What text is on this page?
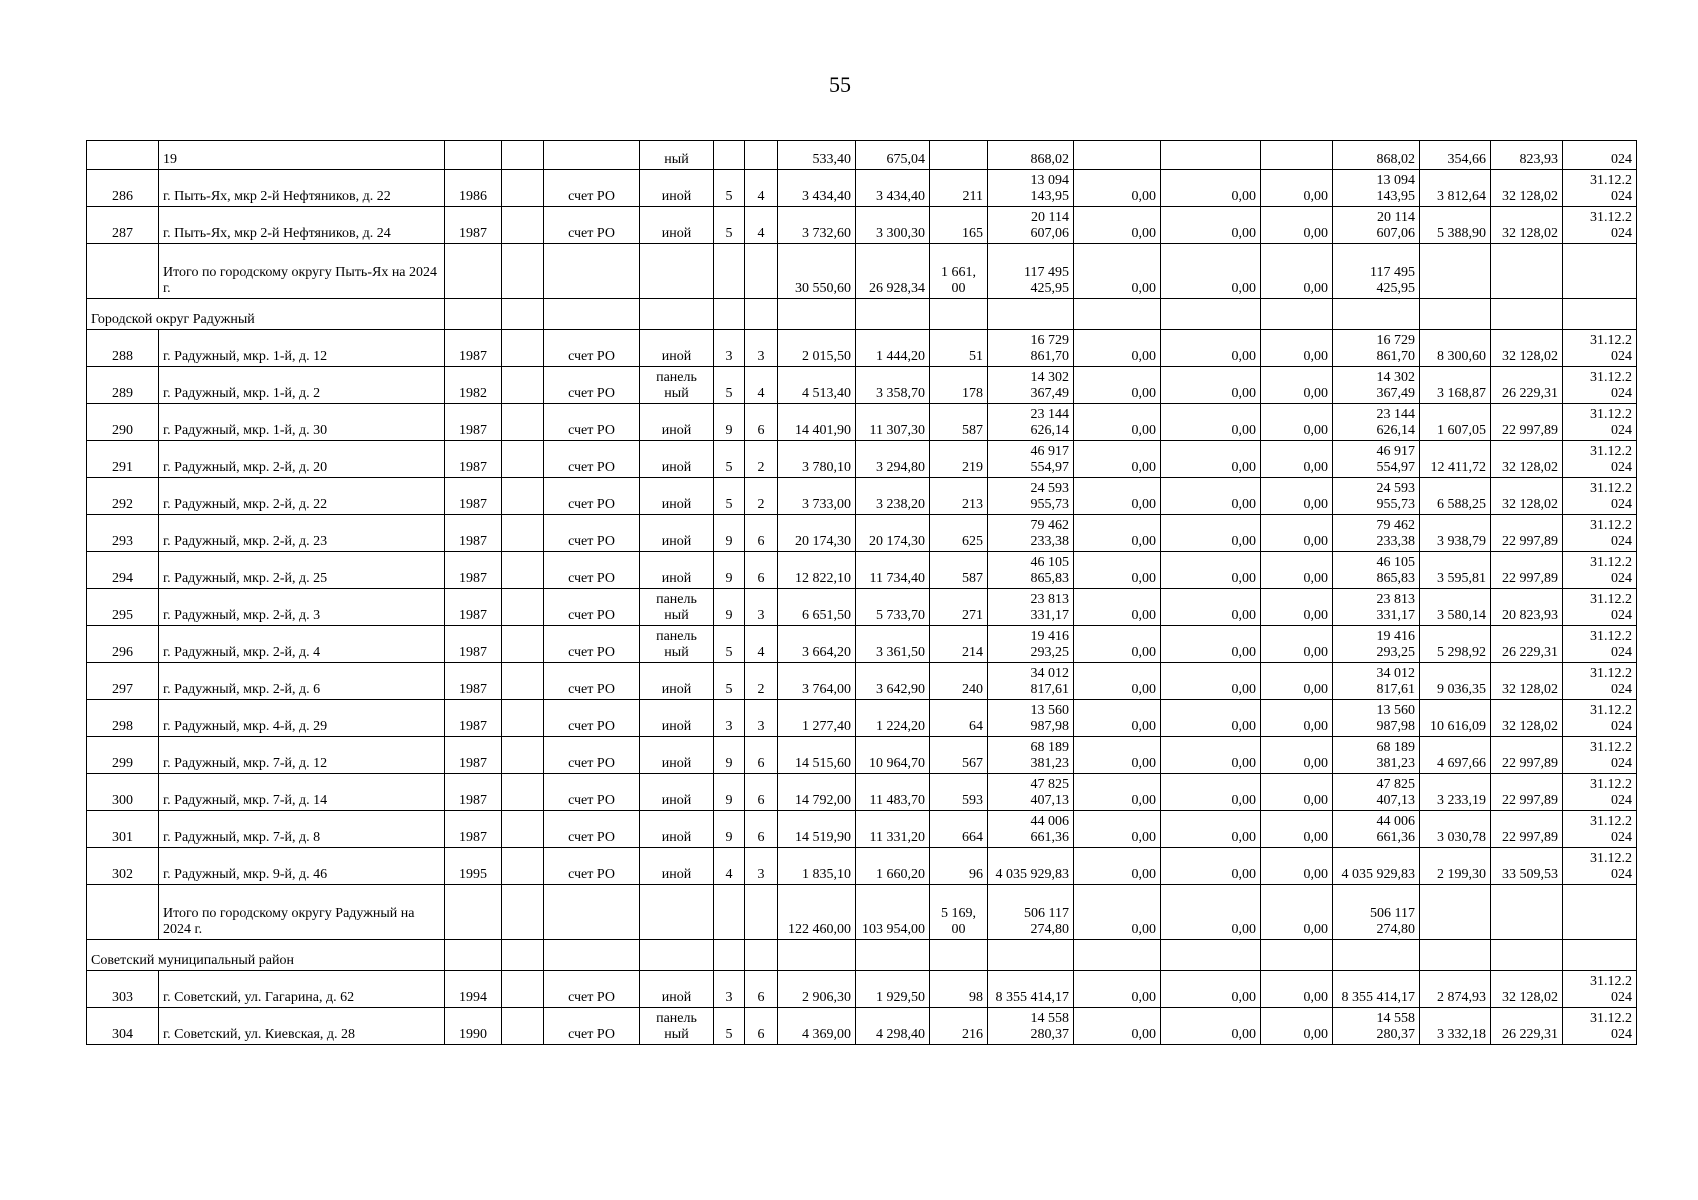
55
	19				ный			533,40	675,04		868,02				868,02	354,66	823,93	024
286	г. Пыть-Ях, мкр 2-й Нефтяников, д. 22	1986		счет РО	иной	5	4	3 434,40	3 434,40	211	13 094 143,95	0,00	0,00	0,00	13 094 143,95	3 812,64	32 128,02	31.12.2 024
287	г. Пыть-Ях, мкр 2-й Нефтяников, д. 24	1987		счет РО	иной	5	4	3 732,60	3 300,30	165	20 114 607,06	0,00	0,00	0,00	20 114 607,06	5 388,90	32 128,02	31.12.2 024
	Итого по городскому округу Пыть-Ях на 2024 г.							30 550,60	26 928,34	1 661, 00	117 495 425,95	0,00	0,00	0,00	117 495 425,95			
Городской округ Радужный																		
288	г. Радужный, мкр. 1-й, д. 12	1987		счет РО	иной	3	3	2 015,50	1 444,20	51	16 729 861,70	0,00	0,00	0,00	16 729 861,70	8 300,60	32 128,02	31.12.2 024
289	г. Радужный, мкр. 1-й, д. 2	1982		счет РО	панель ный	5	4	4 513,40	3 358,70	178	14 302 367,49	0,00	0,00	0,00	14 302 367,49	3 168,87	26 229,31	31.12.2 024
290	г. Радужный, мкр. 1-й, д. 30	1987		счет РО	иной	9	6	14 401,90	11 307,30	587	23 144 626,14	0,00	0,00	0,00	23 144 626,14	1 607,05	22 997,89	31.12.2 024
291	г. Радужный, мкр. 2-й, д. 20	1987		счет РО	иной	5	2	3 780,10	3 294,80	219	46 917 554,97	0,00	0,00	0,00	46 917 554,97	12 411,72	32 128,02	31.12.2 024
292	г. Радужный, мкр. 2-й, д. 22	1987		счет РО	иной	5	2	3 733,00	3 238,20	213	24 593 955,73	0,00	0,00	0,00	24 593 955,73	6 588,25	32 128,02	31.12.2 024
293	г. Радужный, мкр. 2-й, д. 23	1987		счет РО	иной	9	6	20 174,30	20 174,30	625	79 462 233,38	0,00	0,00	0,00	79 462 233,38	3 938,79	22 997,89	31.12.2 024
294	г. Радужный, мкр. 2-й, д. 25	1987		счет РО	иной	9	6	12 822,10	11 734,40	587	46 105 865,83	0,00	0,00	0,00	46 105 865,83	3 595,81	22 997,89	31.12.2 024
295	г. Радужный, мкр. 2-й, д. 3	1987		счет РО	панель ный	9	3	6 651,50	5 733,70	271	23 813 331,17	0,00	0,00	0,00	23 813 331,17	3 580,14	20 823,93	31.12.2 024
296	г. Радужный, мкр. 2-й, д. 4	1987		счет РО	панель ный	5	4	3 664,20	3 361,50	214	19 416 293,25	0,00	0,00	0,00	19 416 293,25	5 298,92	26 229,31	31.12.2 024
297	г. Радужный, мкр. 2-й, д. 6	1987		счет РО	иной	5	2	3 764,00	3 642,90	240	34 012 817,61	0,00	0,00	0,00	34 012 817,61	9 036,35	32 128,02	31.12.2 024
298	г. Радужный, мкр. 4-й, д. 29	1987		счет РО	иной	3	3	1 277,40	1 224,20	64	13 560 987,98	0,00	0,00	0,00	13 560 987,98	10 616,09	32 128,02	31.12.2 024
299	г. Радужный, мкр. 7-й, д. 12	1987		счет РО	иной	9	6	14 515,60	10 964,70	567	68 189 381,23	0,00	0,00	0,00	68 189 381,23	4 697,66	22 997,89	31.12.2 024
300	г. Радужный, мкр. 7-й, д. 14	1987		счет РО	иной	9	6	14 792,00	11 483,70	593	47 825 407,13	0,00	0,00	0,00	47 825 407,13	3 233,19	22 997,89	31.12.2 024
301	г. Радужный, мкр. 7-й, д. 8	1987		счет РО	иной	9	6	14 519,90	11 331,20	664	44 006 661,36	0,00	0,00	0,00	44 006 661,36	3 030,78	22 997,89	31.12.2 024
302	г. Радужный, мкр. 9-й, д. 46	1995		счет РО	иной	4	3	1 835,10	1 660,20	96	4 035 929,83	0,00	0,00	0,00	4 035 929,83	2 199,30	33 509,53	31.12.2 024
	Итого по городскому округу Радужный на 2024 г.							122 460,00	103 954,00	5 169, 00	506 117 274,80	0,00	0,00	0,00	506 117 274,80			
Советский муниципальный район																		
303	г. Советский, ул. Гагарина, д. 62	1994		счет РО	иной	3	6	2 906,30	1 929,50	98	8 355 414,17	0,00	0,00	0,00	8 355 414,17	2 874,93	32 128,02	31.12.2 024
304	г. Советский, ул. Киевская, д. 28	1990		счет РО	панель ный	5	6	4 369,00	4 298,40	216	14 558 280,37	0,00	0,00	0,00	14 558 280,37	3 332,18	26 229,31	31.12.2 024
